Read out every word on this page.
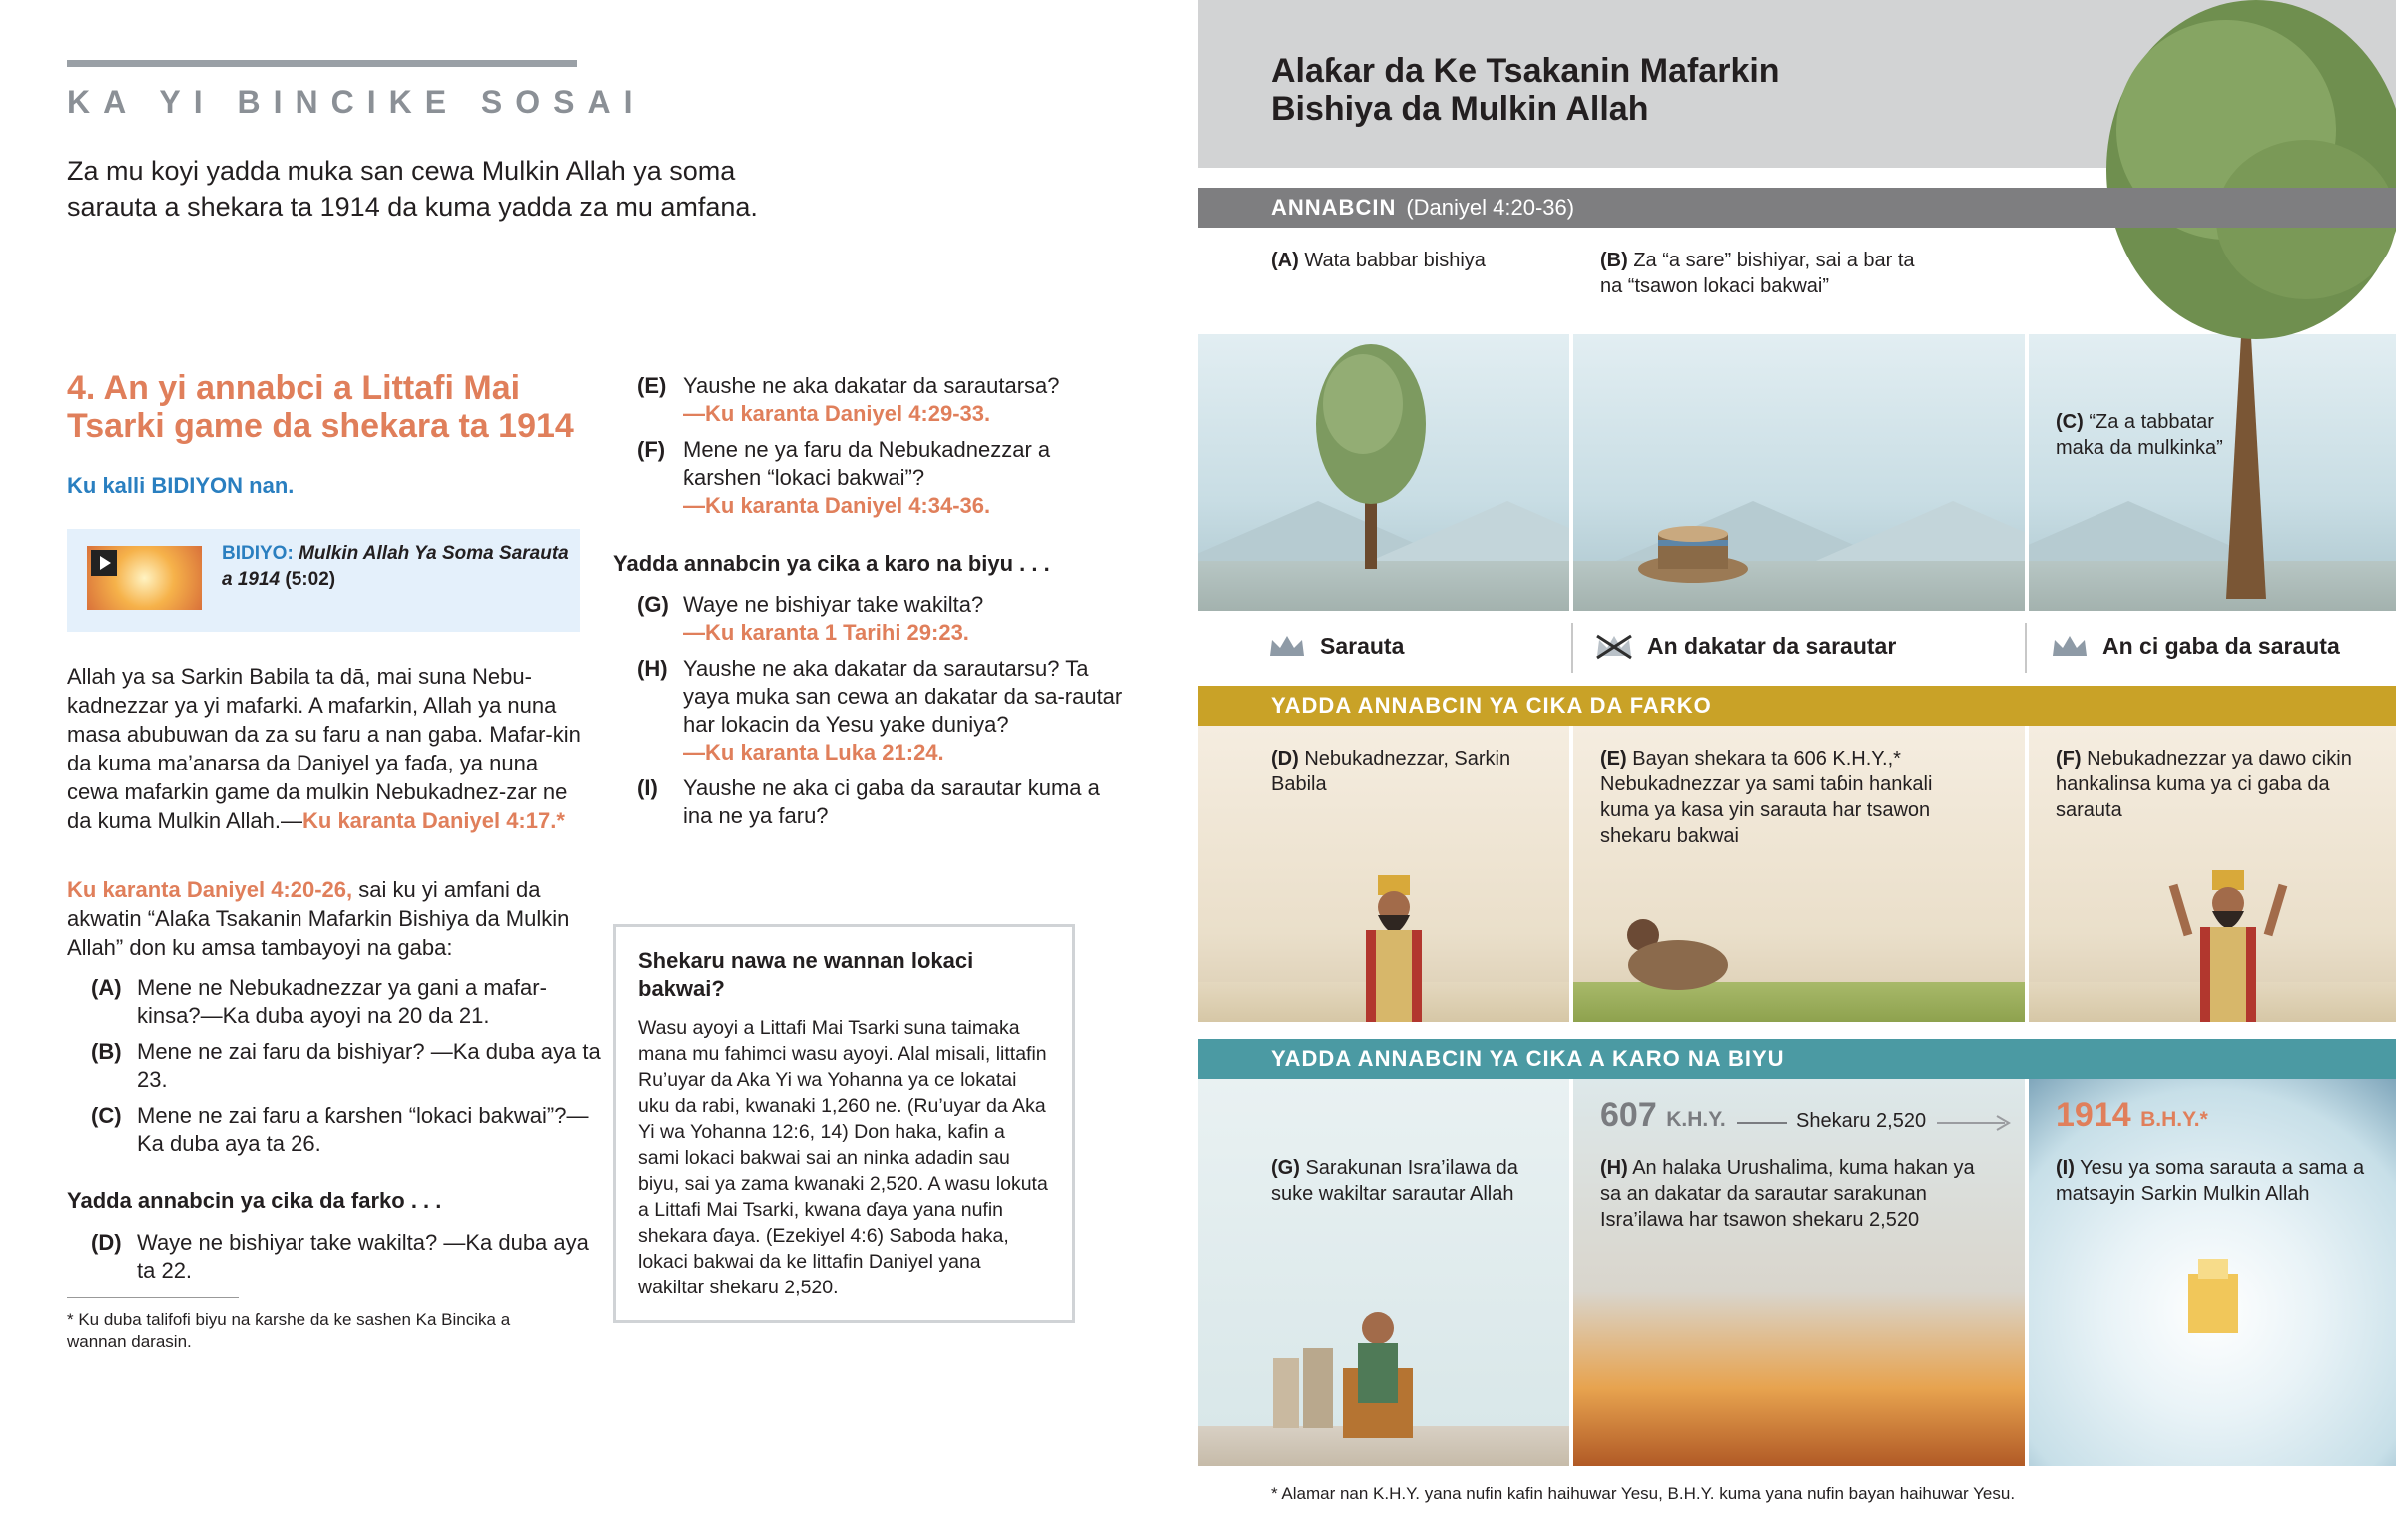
KA YI BINCIKE SOSAI
Za mu koyi yadda muka san cewa Mulkin Allah ya soma sarauta a shekara ta 1914 da kuma yadda za mu amfana.
4. An yi annabci a Littafi Mai Tsarki game da shekara ta 1914
Ku kalli BIDIYON nan.
BIDIYO: Mulkin Allah Ya Soma Sarauta a 1914 (5:02)
Allah ya sa Sarkin Babila ta dā, mai suna Nebu-kadnezzar ya yi mafarki. A mafarkin, Allah ya nuna masa abubuwan da za su faru a nan gaba. Mafar-kin da kuma ma’anarsa da Daniyel ya faɗa, ya nuna cewa mafarkin game da mulkin Nebukadnez-zar ne da kuma Mulkin Allah.—Ku karanta Daniyel 4:17.*
Ku karanta Daniyel 4:20-26, sai ku yi amfani da akwatin “Alaƙa Tsakanin Mafarkin Bishiya da Mulkin Allah” don ku amsa tambayoyi na gaba:
(A) Mene ne Nebukadnezzar ya gani a mafar-kinsa?—Ka duba ayoyi na 20 da 21.
(B) Mene ne zai faru da bishiyar? —Ka duba aya ta 23.
(C) Mene ne zai faru a ƙarshen “lokaci bakwai”?—Ka duba aya ta 26.
Yadda annabcin ya cika da farko . . .
(D) Waye ne bishiyar take wakilta? —Ka duba aya ta 22.
* Ku duba talifofi biyu na ƙarshe da ke sashen Ka Bincika a wannan darasin.
(E) Yaushe ne aka dakatar da sarautarsa?
—Ku karanta Daniyel 4:29-33.
(F) Mene ne ya faru da Nebukadnezzar a ƙarshen “lokaci bakwai”?
—Ku karanta Daniyel 4:34-36.
Yadda annabcin ya cika a karo na biyu . . .
(G) Waye ne bishiyar take wakilta?
—Ku karanta 1 Tarihi 29:23.
(H) Yaushe ne aka dakatar da sarautarsu? Ta yaya muka san cewa an dakatar da sa-rautar har lokacin da Yesu yake duniya?
—Ku karanta Luka 21:24.
(I)	Yaushe ne aka ci gaba da sarautar kuma a ina ne ya faru?
Shekaru nawa ne wannan lokaci bakwai?
Wasu ayoyi a Littafi Mai Tsarki suna taimaka mana mu fahimci wasu ayoyi. Alal misali, littafin Ru’uyar da Aka Yi wa Yohanna ya ce lokatai uku da rabi, kwanaki 1,260 ne. (Ru’uyar da Aka Yi wa Yohanna 12:6, 14) Don haka, kafin a sami lokaci bakwai sai an ninka adadin sau biyu, sai ya zama kwanaki 2,520. A wasu lokuta a Littafi Mai Tsarki, kwana ɗaya yana nufin shekara ɗaya. (Ezekiyel 4:6) Saboda haka, lokaci bakwai da ke littafin Daniyel yana wakiltar shekaru 2,520.
Alaƙar da Ke Tsakanin Mafarkin Bishiya da Mulkin Allah
ANNABCIN (Daniyel 4:20-36)
(A) Wata babbar bishiya	(B) Za “a sare” bishiyar, sai a bar ta na “tsawon lokaci bakwai”
(C) “Za a tabbatar maka da mulkinka”
Sarauta	An dakatar da sarautar	An ci gaba da sarauta
YADDA ANNABCIN YA CIKA DA FARKO
(D) Nebukadnezzar, Sarkin Babila
(E) Bayan shekara ta 606 K.H.Y.,* Nebukadnezzar ya sami taɓin hankali kuma ya kasa yin sarauta har tsawon shekaru bakwai
(F) Nebukadnezzar ya dawo cikin hankalinsa kuma ya ci gaba da sarauta
YADDA ANNABCIN YA CIKA A KARO NA BIYU
607 K.H.Y.	Shekaru 2,520	1914 B.H.Y.*
(G) Sarakunan Isra’ilawa da suke wakiltar sarautar Allah
(H) An halaka Urushalima, kuma hakan ya sa an dakatar da sarautar sarakunan Isra’ilawa har tsawon shekaru 2,520
(I) Yesu ya soma sarauta a sama a matsayin Sarkin Mulkin Allah
* Alamar nan K.H.Y. yana nufin kafin haihuwar Yesu, B.H.Y. kuma yana nufin bayan haihuwar Yesu.
